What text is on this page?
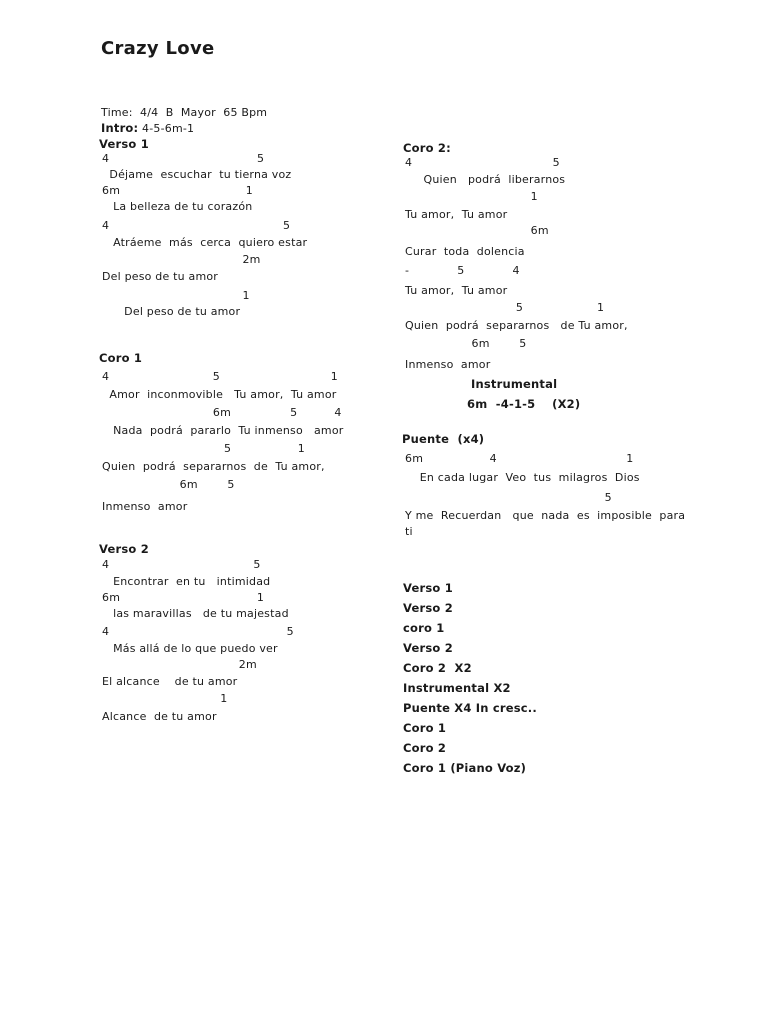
Crazy Love
Time:  4/4  B  Mayor  65 Bpm
Intro: 4-5-6m-1
Verso 1
4                                        5
Déjame  escuchar  tu tierna voz
6m                                  1
La belleza de tu corazón
4                                               5
Atráeme  más  cerca  quiero estar
2m
Del peso de tu amor
1
Del peso de tu amor
Coro 1
4                            5                              1
Amor  inconmovible   Tu amor,  Tu amor
6m                5          4
Nada  podrá  pararlo  Tu inmenso   amor
5                  1
Quien  podrá  separarnos  de  Tu amor,
6m        5
Inmenso  amor
Verso 2
4                                       5
Encontrar  en tu   intimidad
6m                                     1
las maravillas   de tu majestad
4                                                5
Más allá de lo que puedo ver
2m
El alcance    de tu amor
1
Alcance  de tu amor
Coro 2:
4                                      5
Quien   podrá  liberarnos
1
Tu amor,  Tu amor
6m
Curar  toda  dolencia
-             5             4
Tu amor,  Tu amor
5                    1
Quien  podrá  separarnos   de Tu amor,
6m        5
Inmenso  amor
Instrumental
6m  -4-1-5    (X2)
Puente  (x4)
6m                  4                                   1
En cada lugar  Veo  tus  milagros  Dios
5
Y me  Recuerdan   que  nada  es  imposible  para
ti
Verso 1
Verso 2
coro 1
Verso 2
Coro 2  X2
Instrumental X2
Puente X4 In cresc..
Coro 1
Coro 2
Coro 1 (Piano Voz)
